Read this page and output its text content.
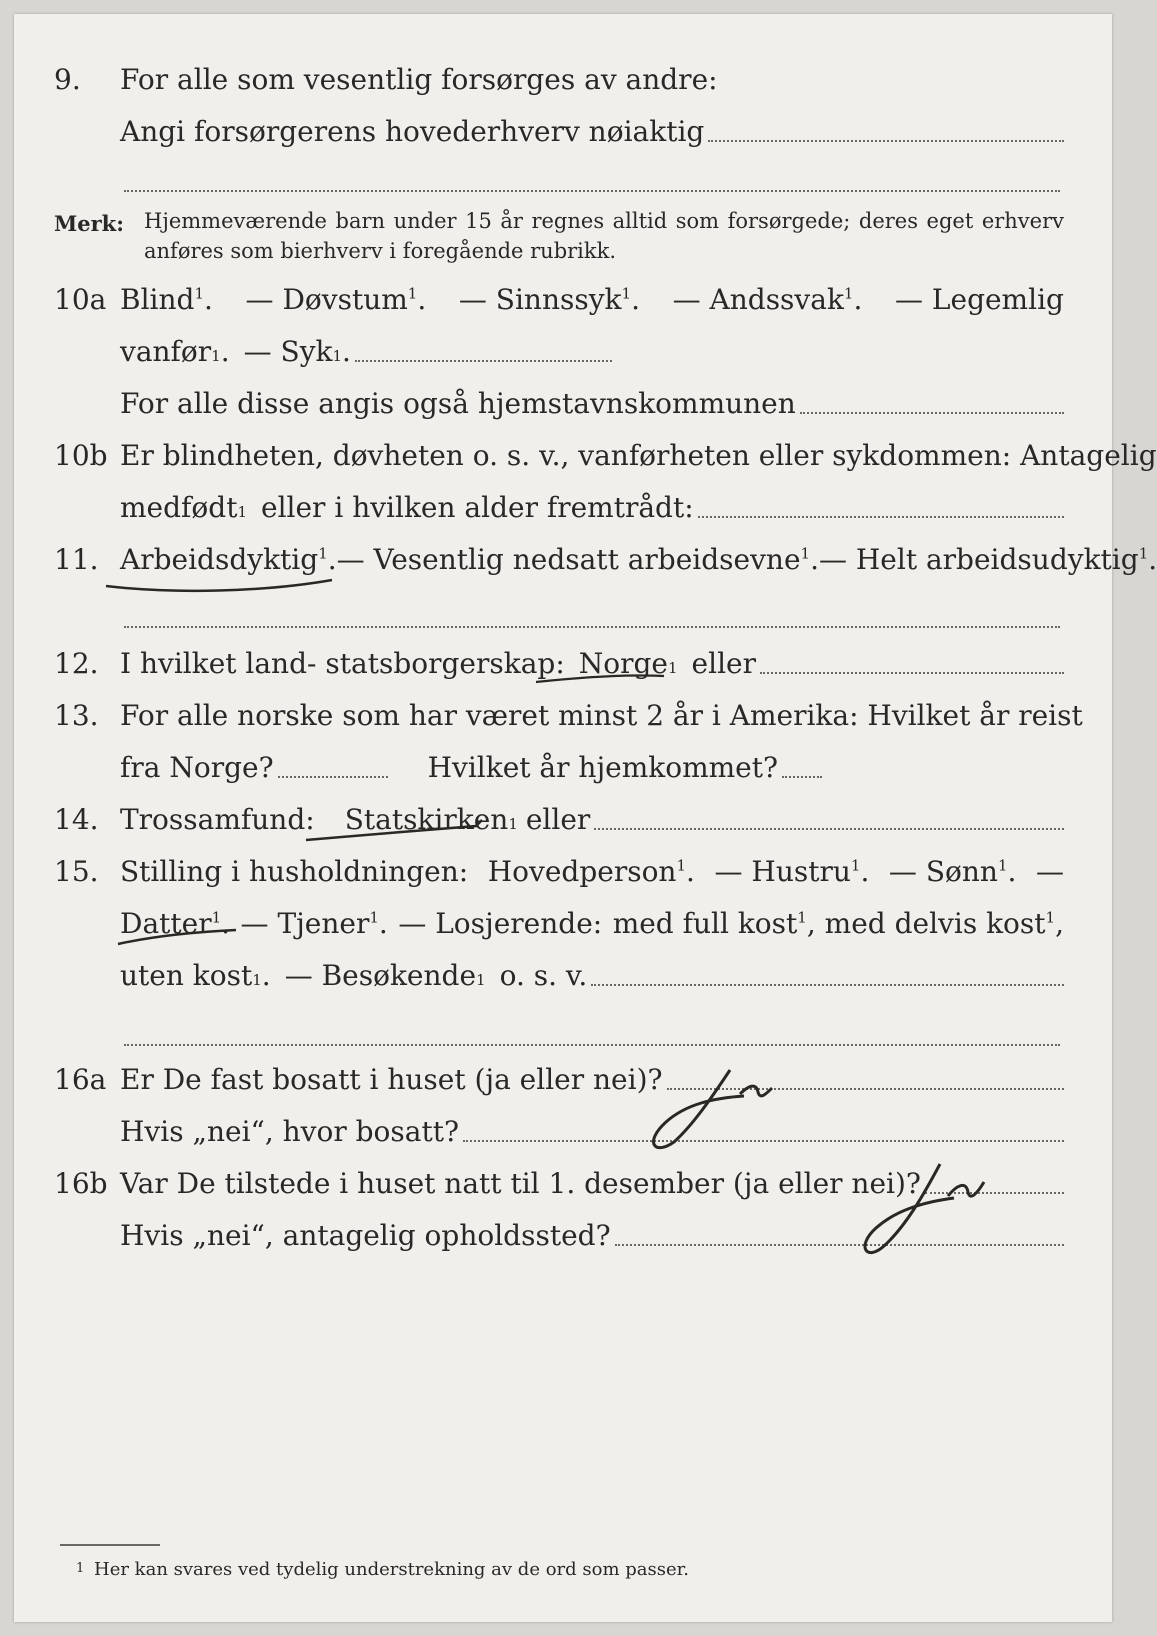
9. For alle som vesentlig forsørges av andre:
Angi forsørgerens hovederhverv nøiaktig
Merk: Hjemmeværende barn under 15 år regnes alltid som forsørgede; deres eget erhverv anføres som bierhverv i foregående rubrikk.
10a Blind$^1$. — Døvstum$^1$. — Sinnssyk$^1$. — Andssvak$^1$. — Legemlig
vanfør 1 . — Syk 1 .
For alle disse angis også hjemstavnskommunen
10b Er blindheten, døvheten o. s. v., vanførheten eller sykdommen: Antagelig
medfødt 1 eller i hvilken alder fremtrådt:
11. Arbeidsdyktig$^1$. — Vesentlig nedsatt arbeidsevne$^1$. — Helt arbeidsudyktig$^1$.
12. I hvilket land- statsborgerskap: Norge 1 eller
13. For alle norske som har været minst 2 år i Amerika: Hvilket år reist
fra Norge?	Hvilket år hjemkommet?
14. Trossamfund: Statskirken 1 eller
15. Stilling i husholdningen: Hovedperson$^1$. — Hustru$^1$. — Sønn$^1$. —
Datter$^1$. — Tjener$^1$. — Losjerende: med full kost$^1$, med delvis kost$^1$,
uten kost 1 . — Besøkende 1 o. s. v.
16a Er De fast bosatt i huset (ja eller nei)?
Hvis „nei“, hvor bosatt?
16b Var De tilstede i huset natt til 1. desember (ja eller nei)?
Hvis „nei“, antagelig opholdssted?
1 Her kan svares ved tydelig understrekning av de ord som passer.
